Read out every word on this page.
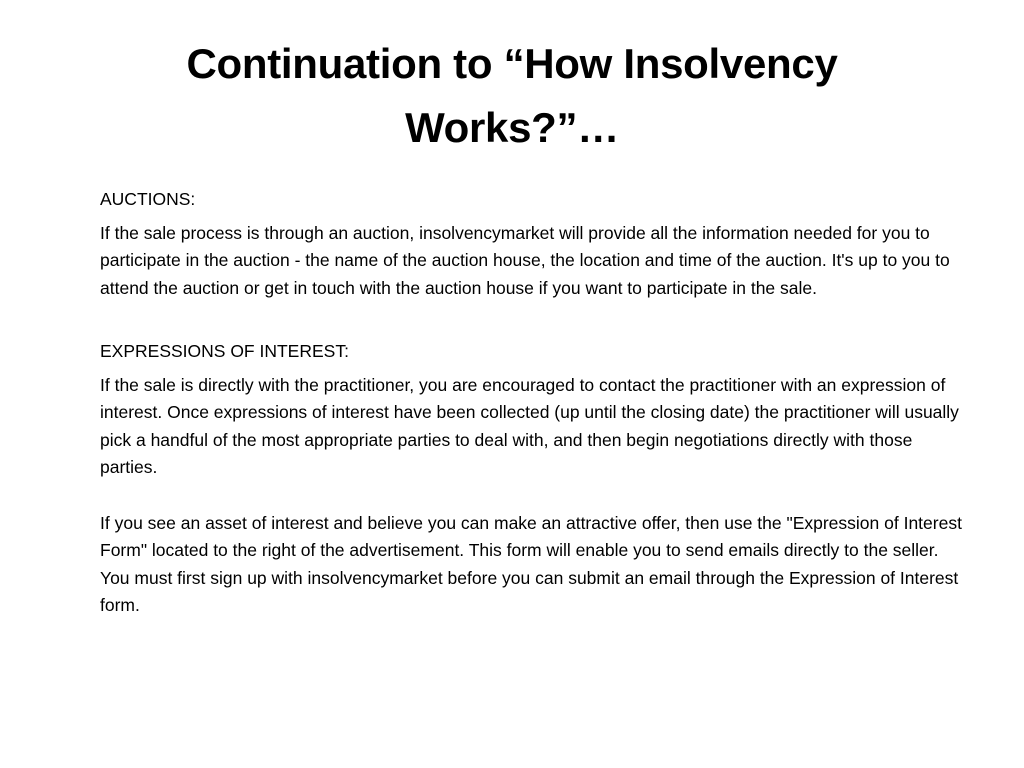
Continuation to “How Insolvency Works?”…

AUCTIONS:

If the sale process is through an auction, insolvencymarket will provide all the information needed for you to participate in the auction - the name of the auction house, the location and time of the auction. It's up to you to attend the auction or get in touch with the auction house if you want to participate in the sale.

EXPRESSIONS OF INTEREST:

If the sale is directly with the practitioner, you are encouraged to contact the practitioner with an expression of interest. Once expressions of interest have been collected (up until the closing date) the practitioner will usually pick a handful of the most appropriate parties to deal with, and then begin negotiations directly with those parties.

If you see an asset of interest and believe you can make an attractive offer, then use the "Expression of Interest Form" located to the right of the advertisement. This form will enable you to send emails directly to the seller. You must first sign up with insolvencymarket before you can submit an email through the Expression of Interest form.
